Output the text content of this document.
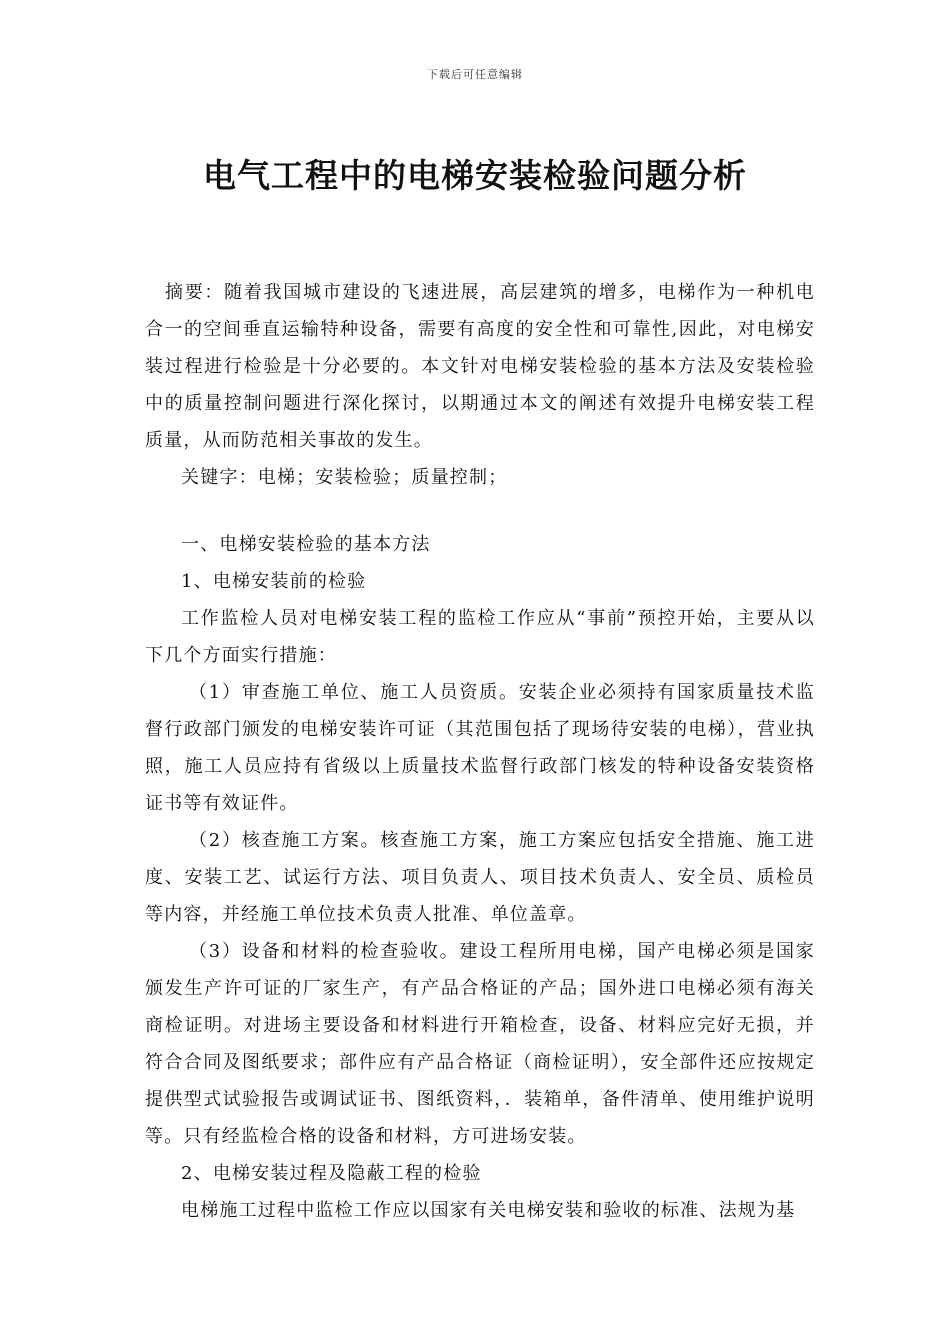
下载后可任意编辑
电气工程中的电梯安装检验问题分析

摘要：随着我国城市建设的飞速进展，高层建筑的增多，电梯作为一种机电合一的空间垂直运输特种设备，需要有高度的安全性和可靠性,因此，对电梯安装过程进行检验是十分必要的。本文针对电梯安装检验的基本方法及安装检验中的质量控制问题进行深化探讨，以期通过本文的阐述有效提升电梯安装工程质量，从而防范相关事故的发生。

关键字：电梯；安装检验；质量控制；

一、电梯安装检验的基本方法

1、电梯安装前的检验

工作监检人员对电梯安装工程的监检工作应从“事前”预控开始，主要从以下几个方面实行措施：

（1）审查施工单位、施工人员资质。安装企业必须持有国家质量技术监督行政部门颁发的电梯安装许可证（其范围包括了现场待安装的电梯），营业执照，施工人员应持有省级以上质量技术监督行政部门核发的特种设备安装资格证书等有效证件。

（2）核查施工方案。核查施工方案，施工方案应包括安全措施、施工进度、安装工艺、试运行方法、项目负责人、项目技术负责人、安全员、质检员等内容，并经施工单位技术负责人批准、单位盖章。

（3）设备和材料的检查验收。建设工程所用电梯，国产电梯必须是国家颁发生产许可证的厂家生产，有产品合格证的产品；国外进口电梯必须有海关商检证明。对进场主要设备和材料进行开箱检查，设备、材料应完好无损，并符合合同及图纸要求；部件应有产品合格证（商检证明），安全部件还应按规定提供型式试验报告或调试证书、图纸资料，．装箱单，备件清单、使用维护说明等。只有经监检合格的设备和材料，方可进场安装。

2、电梯安装过程及隐蔽工程的检验

电梯施工过程中监检工作应以国家有关电梯安装和验收的标准、法规为基
